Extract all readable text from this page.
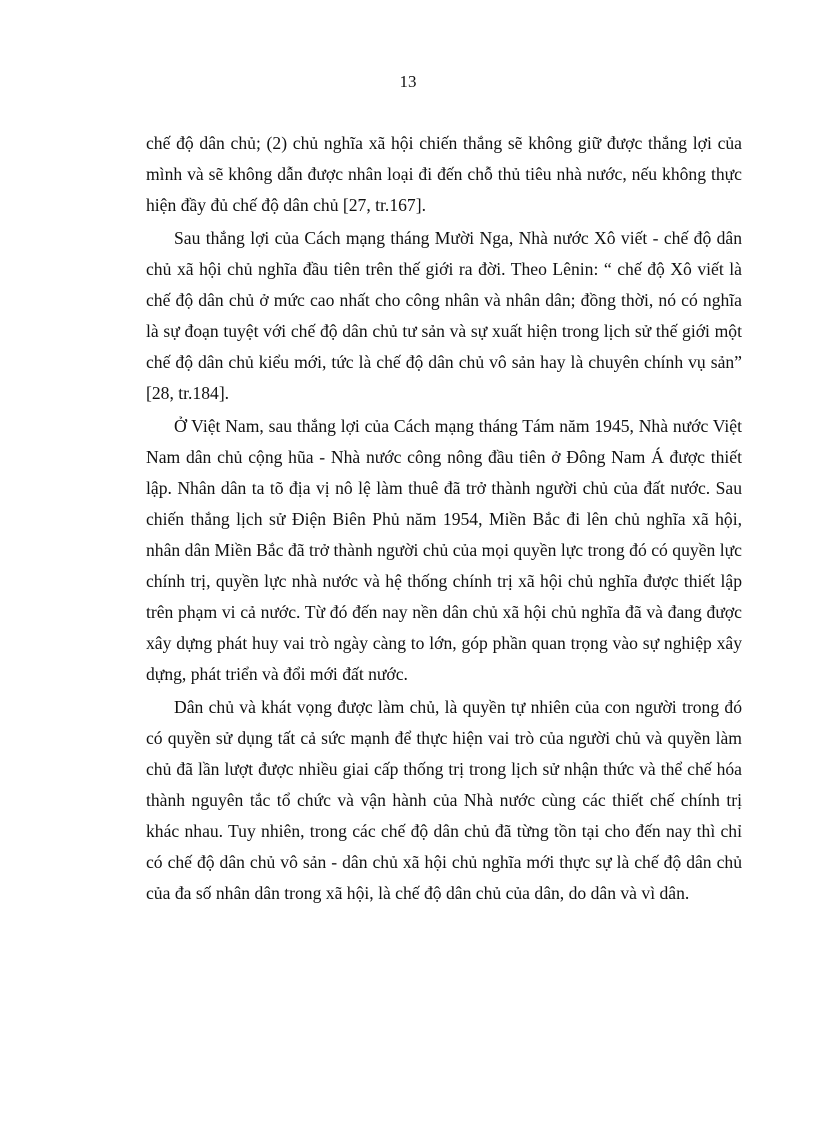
13

chế độ dân chủ; (2) chủ nghĩa xã hội chiến thắng sẽ không giữ được thắng lợi của mình và sẽ không dẫn được nhân loại đi đến chỗ thủ tiêu nhà nước, nếu không thực hiện đầy đủ chế độ dân chủ [27, tr.167].

Sau thắng lợi của Cách mạng tháng Mười Nga, Nhà nước Xô viết - chế độ dân chủ xã hội chủ nghĩa đầu tiên trên thế giới ra đời. Theo Lênin: “ chế độ Xô viết là chế độ dân chủ ở mức cao nhất cho công nhân và nhân dân; đồng thời, nó có nghĩa là sự đoạn tuyệt với chế độ dân chủ tư sản và sự xuất hiện trong lịch sử thế giới một chế độ dân chủ kiểu mới, tức là chế độ dân chủ vô sản hay là chuyên chính vụ sản” [28, tr.184].

Ở Việt Nam, sau thắng lợi của Cách mạng tháng Tám năm 1945, Nhà nước Việt Nam dân chủ cộng hũa - Nhà nước công nông đầu tiên ở Đông Nam Á được thiết lập. Nhân dân ta tõ địa vị nô lệ làm thuê đã trở thành người chủ của đất nước. Sau chiến thắng lịch sử Điện Biên Phủ năm 1954, Miền Bắc đi lên chủ nghĩa xã hội, nhân dân Miền Bắc đã trở thành người chủ của mọi quyền lực trong đó có quyền lực chính trị, quyền lực nhà nước và hệ thống chính trị xã hội chủ nghĩa được thiết lập trên phạm vi cả nước. Từ đó đến nay nền dân chủ xã hội chủ nghĩa đã và đang được xây dựng phát huy vai trò ngày càng to lớn, góp phần quan trọng vào sự nghiệp xây dựng, phát triển và đổi mới đất nước.

Dân chủ và khát vọng được làm chủ, là quyền tự nhiên của con người trong đó có quyền sử dụng tất cả sức mạnh để thực hiện vai trò của người chủ và quyền làm chủ đã lần lượt được nhiều giai cấp thống trị trong lịch sử nhận thức và thể chế hóa thành nguyên tắc tổ chức và vận hành của Nhà nước cùng các thiết chế chính trị khác nhau. Tuy nhiên, trong các chế độ dân chủ đã từng tồn tại cho đến nay thì chỉ có chế độ dân chủ vô sản - dân chủ xã hội chủ nghĩa mới thực sự là chế độ dân chủ của đa số nhân dân trong xã hội, là chế độ dân chủ của dân, do dân và vì dân.
